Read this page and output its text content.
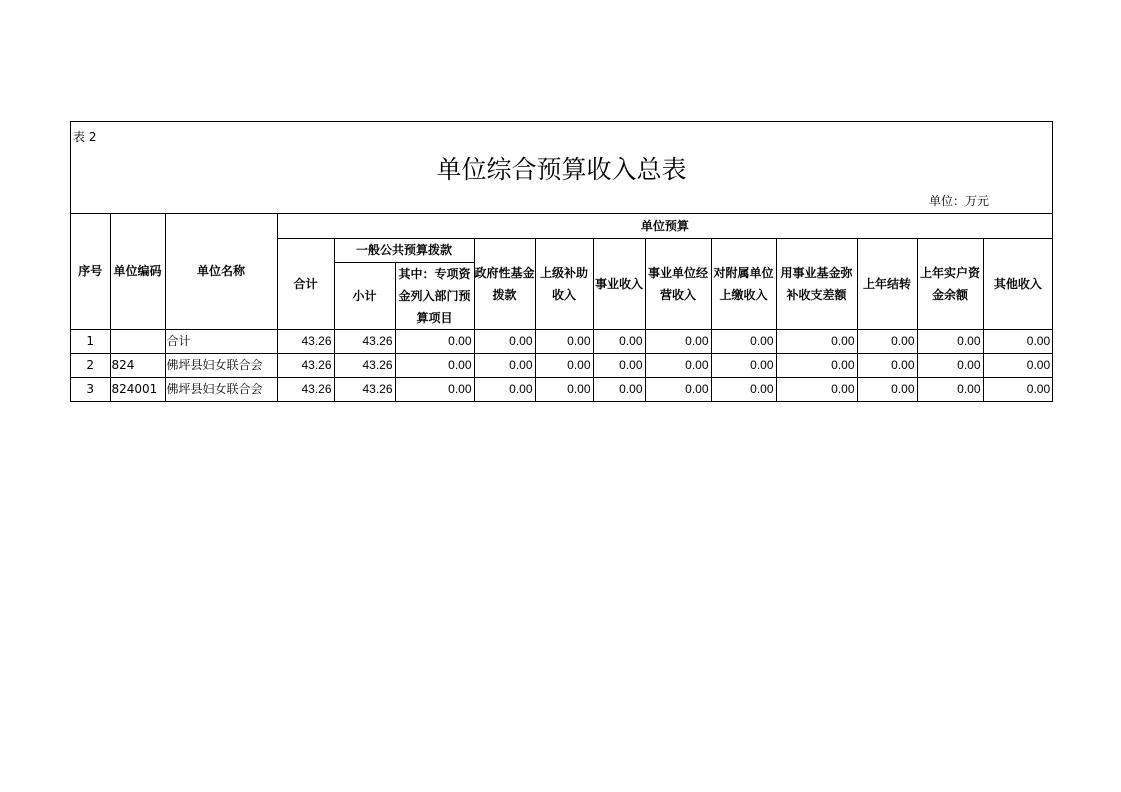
表 2
单位综合预算收入总表
单位：万元
序号	单位编码	单位名称	单位预算											
			合计	一般公共预算拨款		政府性基金拨款	上级补助收入	事业收入	事业单位经营收入	对附属单位上缴收入	用事业基金弥补收支差额	上年结转	上年实户资金余额	其他收入
				小计	其中：专项资金列入部门预算项目									
1		合计	43.26	43.26	0.00	0.00	0.00	0.00	0.00	0.00	0.00	0.00	0.00	0.00
2	824	佛坪县妇女联合会	43.26	43.26	0.00	0.00	0.00	0.00	0.00	0.00	0.00	0.00	0.00	0.00
3	824001	佛坪县妇女联合会	43.26	43.26	0.00	0.00	0.00	0.00	0.00	0.00	0.00	0.00	0.00	0.00
